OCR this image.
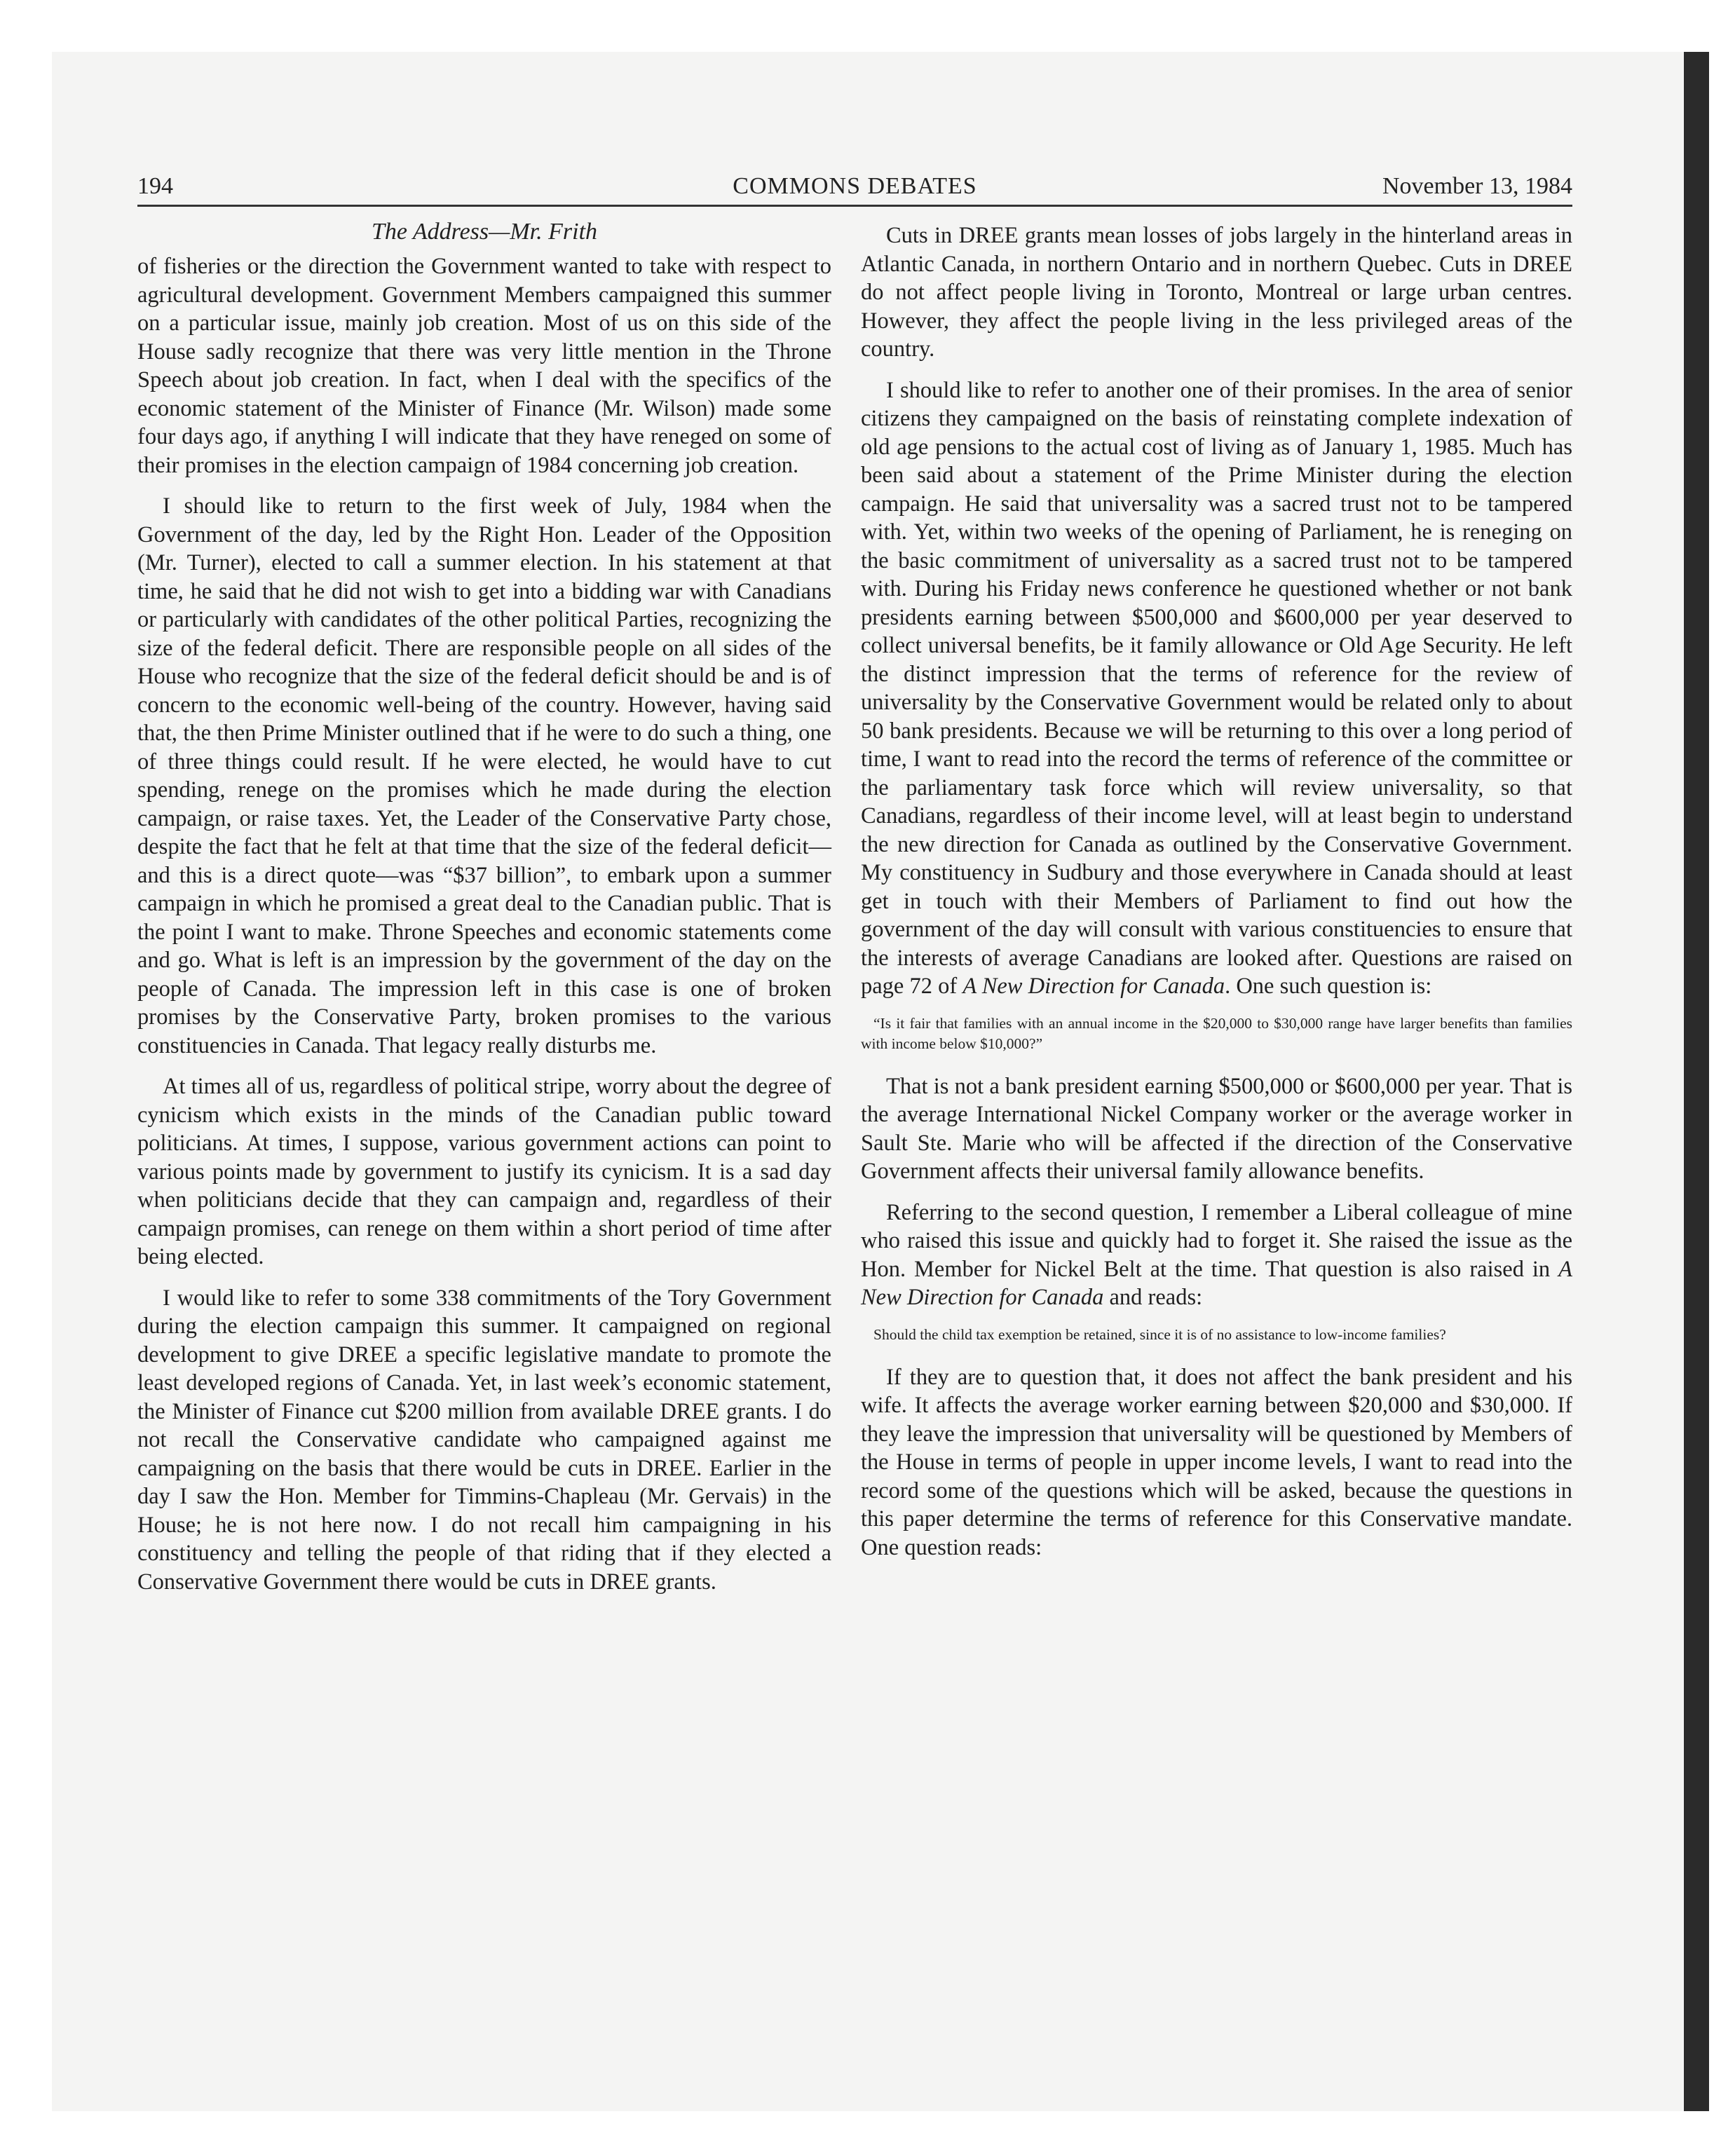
194	COMMONS DEBATES	November 13, 1984
The Address—Mr. Frith

of fisheries or the direction the Government wanted to take with respect to agricultural development. Government Members campaigned this summer on a particular issue, mainly job creation. Most of us on this side of the House sadly recognize that there was very little mention in the Throne Speech about job creation. In fact, when I deal with the specifics of the economic statement of the Minister of Finance (Mr. Wilson) made some four days ago, if anything I will indicate that they have reneged on some of their promises in the election campaign of 1984 concerning job creation.

I should like to return to the first week of July, 1984 when the Government of the day, led by the Right Hon. Leader of the Opposition (Mr. Turner), elected to call a summer election. In his statement at that time, he said that he did not wish to get into a bidding war with Canadians or particularly with candidates of the other political Parties, recognizing the size of the federal deficit. There are responsible people on all sides of the House who recognize that the size of the federal deficit should be and is of concern to the economic well-being of the country. However, having said that, the then Prime Minister outlined that if he were to do such a thing, one of three things could result. If he were elected, he would have to cut spending, renege on the promises which he made during the election campaign, or raise taxes. Yet, the Leader of the Conservative Party chose, despite the fact that he felt at that time that the size of the federal deficit—and this is a direct quote—was “$37 billion”, to embark upon a summer campaign in which he promised a great deal to the Canadian public. That is the point I want to make. Throne Speeches and economic statements come and go. What is left is an impression by the government of the day on the people of Canada. The impression left in this case is one of broken promises by the Conservative Party, broken promises to the various constituencies in Canada. That legacy really disturbs me.

At times all of us, regardless of political stripe, worry about the degree of cynicism which exists in the minds of the Canadian public toward politicians. At times, I suppose, various government actions can point to various points made by government to justify its cynicism. It is a sad day when politicians decide that they can campaign and, regardless of their campaign promises, can renege on them within a short period of time after being elected.

I would like to refer to some 338 commitments of the Tory Government during the election campaign this summer. It campaigned on regional development to give DREE a specific legislative mandate to promote the least developed regions of Canada. Yet, in last week’s economic statement, the Minister of Finance cut $200 million from available DREE grants. I do not recall the Conservative candidate who campaigned against me campaigning on the basis that there would be cuts in DREE. Earlier in the day I saw the Hon. Member for Timmins-Chapleau (Mr. Gervais) in the House; he is not here now. I do not recall him campaigning in his constituency and telling the people of that riding that if they elected a Conservative Government there would be cuts in DREE grants.

Cuts in DREE grants mean losses of jobs largely in the hinterland areas in Atlantic Canada, in northern Ontario and in northern Quebec. Cuts in DREE do not affect people living in Toronto, Montreal or large urban centres. However, they affect the people living in the less privileged areas of the country.

I should like to refer to another one of their promises. In the area of senior citizens they campaigned on the basis of reinstating complete indexation of old age pensions to the actual cost of living as of January 1, 1985. Much has been said about a statement of the Prime Minister during the election campaign. He said that universality was a sacred trust not to be tampered with. Yet, within two weeks of the opening of Parliament, he is reneging on the basic commitment of universality as a sacred trust not to be tampered with. During his Friday news conference he questioned whether or not bank presidents earning between $500,000 and $600,000 per year deserved to collect universal benefits, be it family allowance or Old Age Security. He left the distinct impression that the terms of reference for the review of universality by the Conservative Government would be related only to about 50 bank presidents. Because we will be returning to this over a long period of time, I want to read into the record the terms of reference of the committee or the parliamentary task force which will review universality, so that Canadians, regardless of their income level, will at least begin to understand the new direction for Canada as outlined by the Conservative Government. My constituency in Sudbury and those everywhere in Canada should at least get in touch with their Members of Parliament to find out how the government of the day will consult with various constituencies to ensure that the interests of average Canadians are looked after. Questions are raised on page 72 of A New Direction for Canada. One such question is:

“Is it fair that families with an annual income in the $20,000 to $30,000 range have larger benefits than families with income below $10,000?”

That is not a bank president earning $500,000 or $600,000 per year. That is the average International Nickel Company worker or the average worker in Sault Ste. Marie who will be affected if the direction of the Conservative Government affects their universal family allowance benefits.

Referring to the second question, I remember a Liberal colleague of mine who raised this issue and quickly had to forget it. She raised the issue as the Hon. Member for Nickel Belt at the time. That question is also raised in A New Direction for Canada and reads:

Should the child tax exemption be retained, since it is of no assistance to low-income families?

If they are to question that, it does not affect the bank president and his wife. It affects the average worker earning between $20,000 and $30,000. If they leave the impression that universality will be questioned by Members of the House in terms of people in upper income levels, I want to read into the record some of the questions which will be asked, because the questions in this paper determine the terms of reference for this Conservative mandate. One question reads:
